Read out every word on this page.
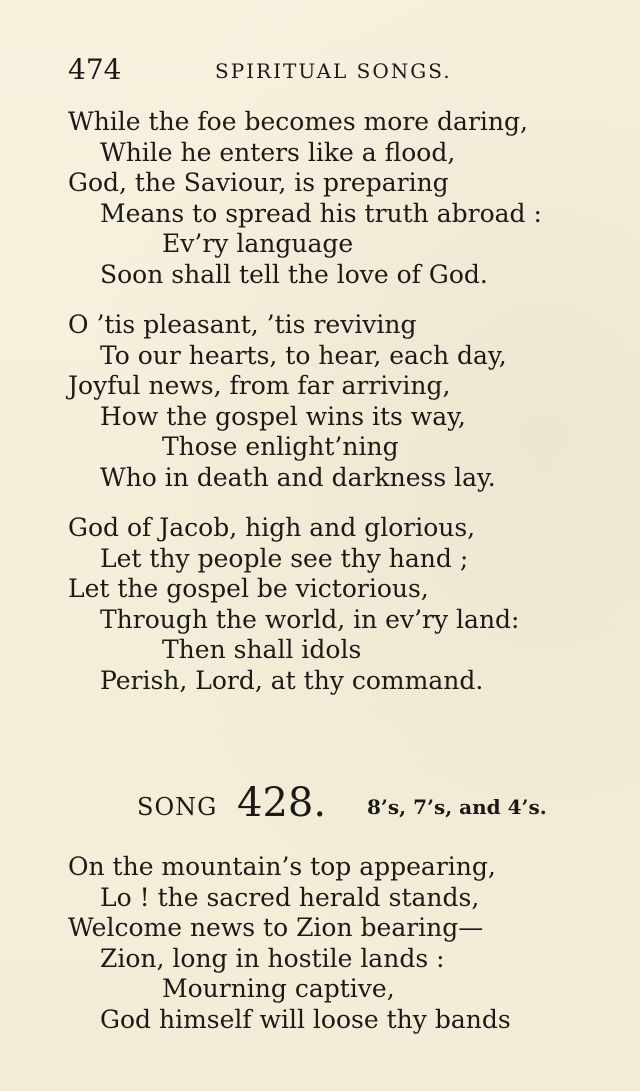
474	SPIRITUAL SONGS.
While the foe becomes more daring,
While he enters like a flood,
God, the Saviour, is preparing
Means to spread his truth abroad :
Ev’ry language
Soon shall tell the love of God.
O ’tis pleasant, ’tis reviving
To our hearts, to hear, each day,
Joyful news, from far arriving,
How the gospel wins its way,
Those enlight’ning
Who in death and darkness lay.
God of Jacob, high and glorious,
Let thy people see thy hand ;
Let the gospel be victorious,
Through the world, in ev’ry land:
Then shall idols
Perish, Lord, at thy command.
SONG 428. 8’s, 7’s, and 4’s.
On the mountain’s top appearing,
Lo ! the sacred herald stands,
Welcome news to Zion bearing—
Zion, long in hostile lands :
Mourning captive,
God himself will loose thy bands
